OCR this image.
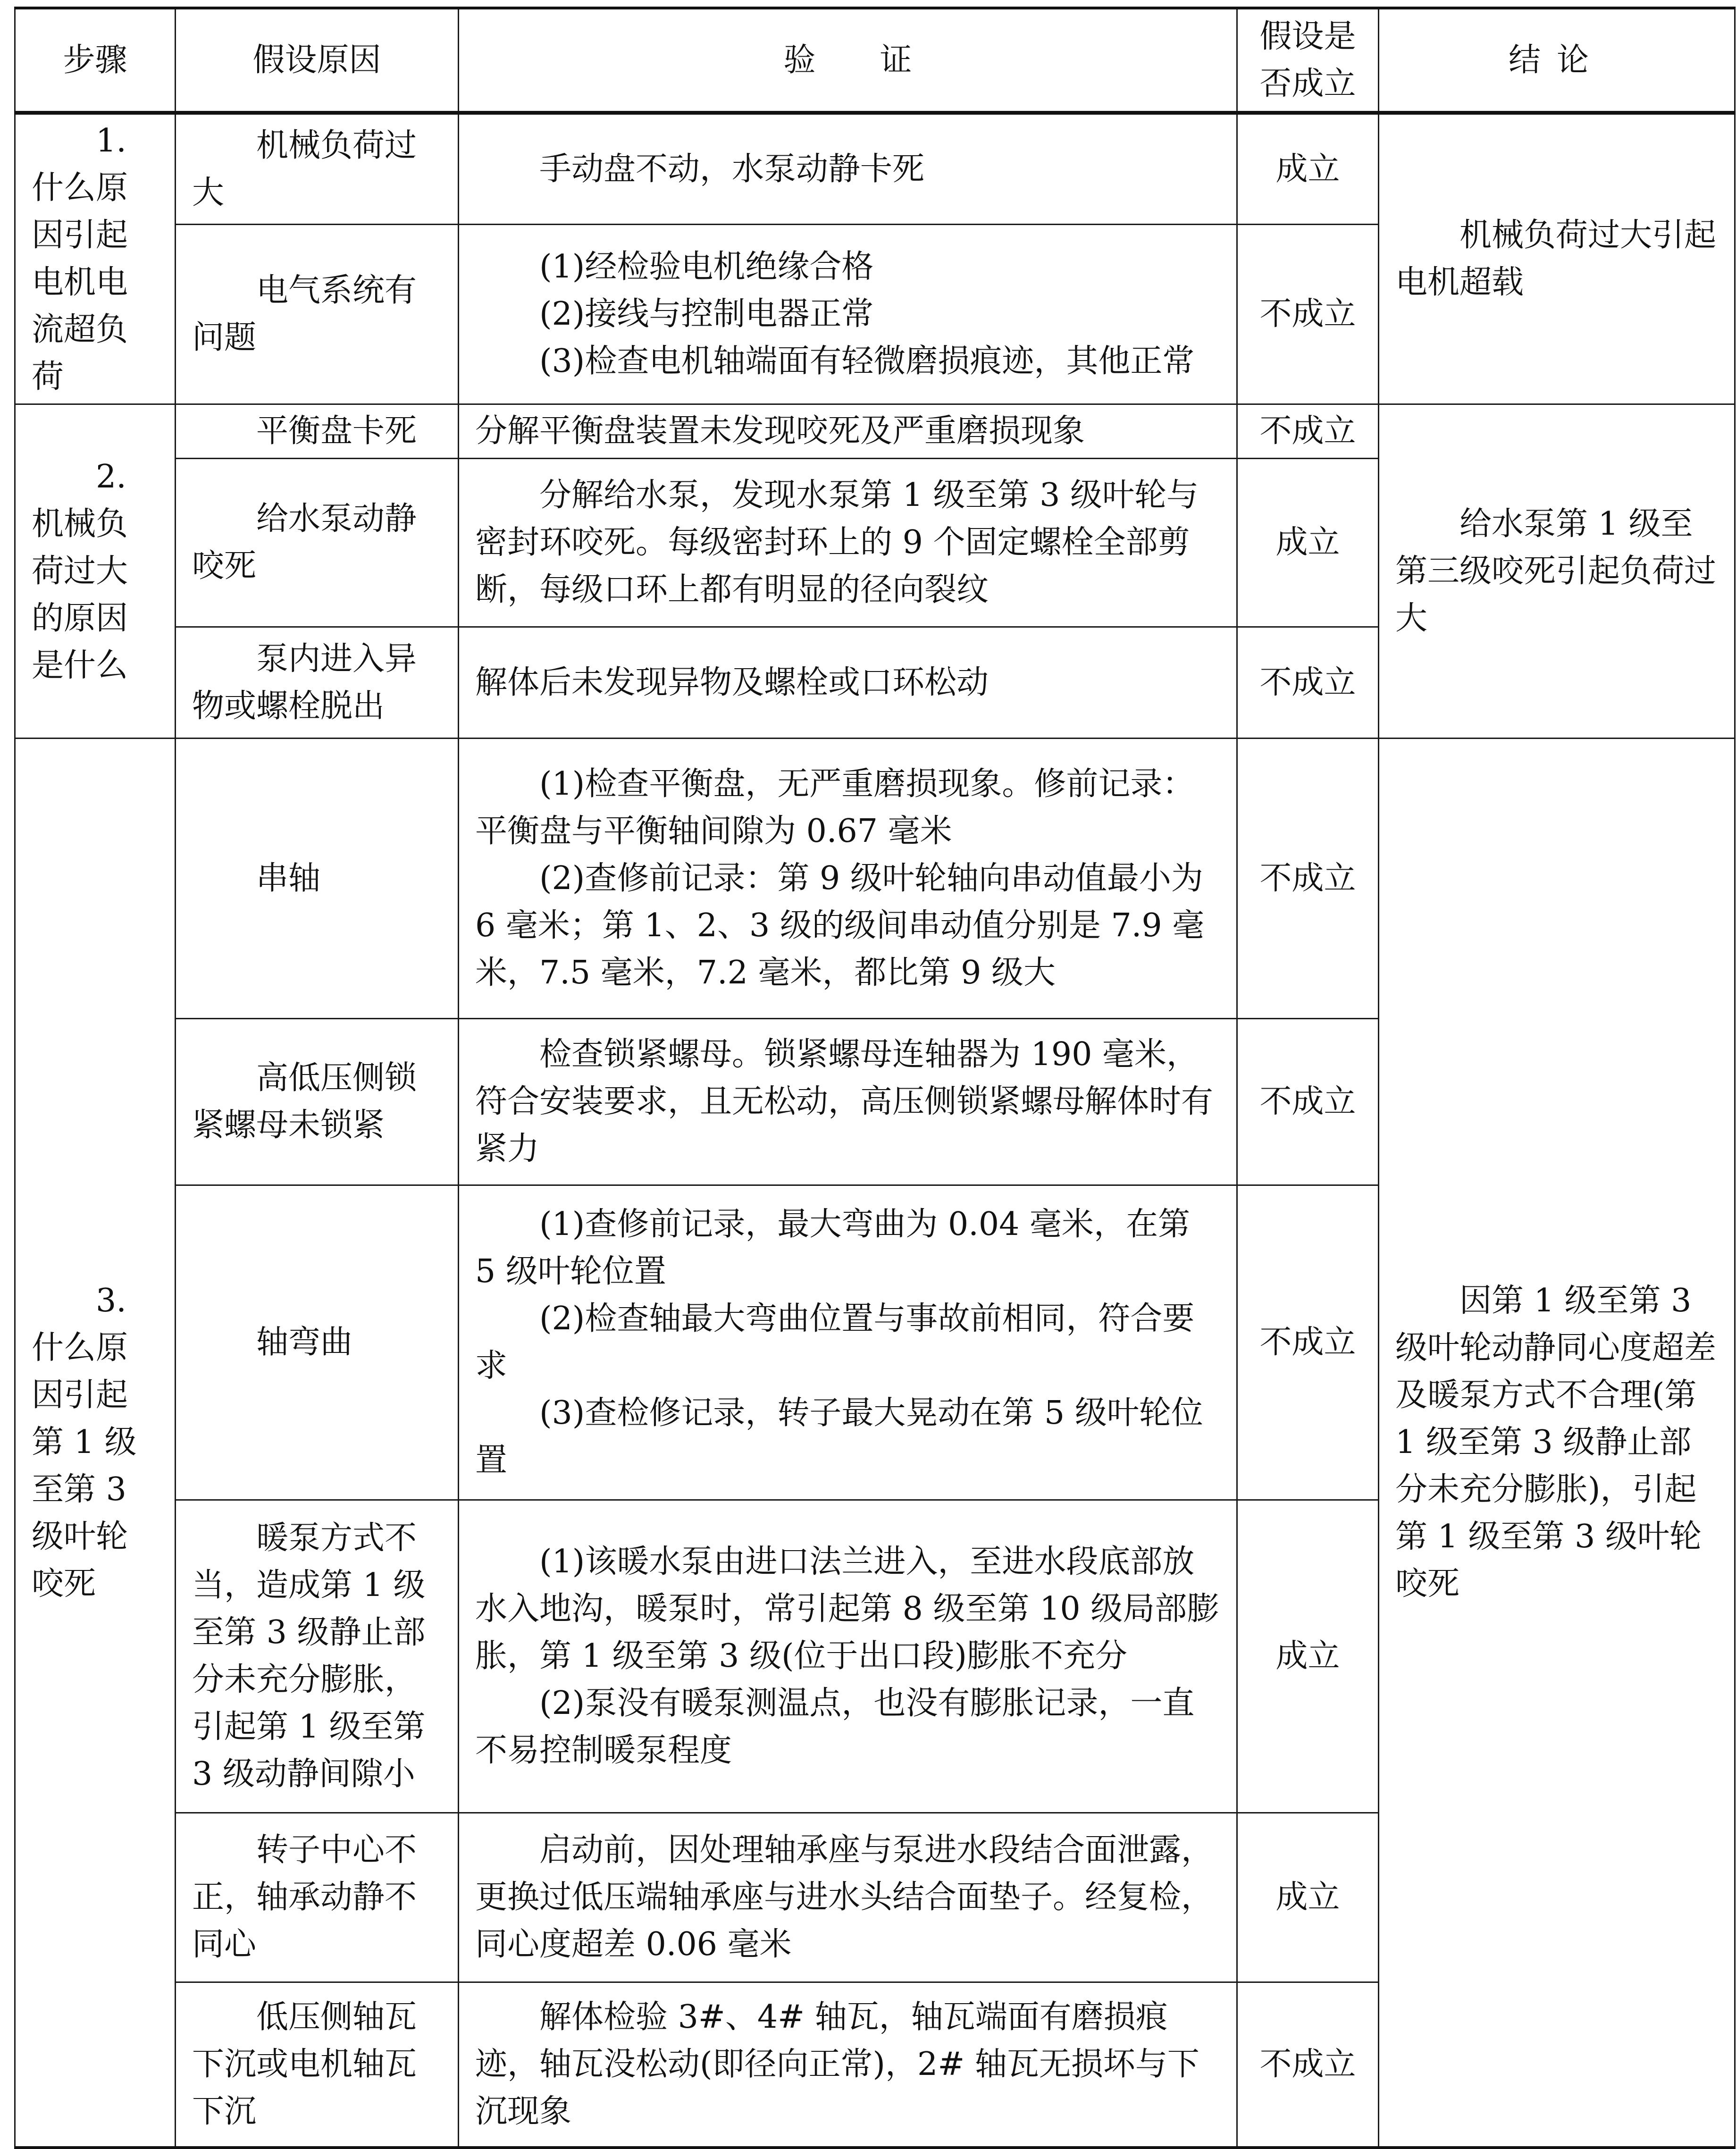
步骤	假设原因	验　　证	假设是否成立	结论
1. 什么原因引起电机电流超负荷	机械负荷过大	手动盘不动，水泵动静卡死	成立	机械负荷过大引起电机超载
	电气系统有问题	(1)经检验电机绝缘合格
(2)接线与控制电器正常
(3)检查电机轴端面有轻微磨损痕迹，其他正常	不成立	
2. 机械负荷过大的原因是什么	平衡盘卡死	分解平衡盘装置未发现咬死及严重磨损现象	不成立	给水泵第 1 级至第三级咬死引起负荷过大
	给水泵动静咬死	分解给水泵，发现水泵第 1 级至第 3 级叶轮与密封环咬死。每级密封环上的 9 个固定螺栓全部剪断，每级口环上都有明显的径向裂纹	成立	
	泵内进入异物或螺栓脱出	解体后未发现异物及螺栓或口环松动	不成立	
3. 什么原因引起第 1 级至第 3 级叶轮咬死	串轴	(1)检查平衡盘，无严重磨损现象。修前记录：平衡盘与平衡轴间隙为 0.67 毫米
(2)查修前记录：第 9 级叶轮轴向串动值最小为 6 毫米；第 1、2、3 级的级间串动值分别是 7.9 毫米，7.5 毫米，7.2 毫米，都比第 9 级大	不成立	因第 1 级至第 3 级叶轮动静同心度超差及暖泵方式不合理(第 1 级至第 3 级静止部分未充分膨胀)，引起第 1 级至第 3 级叶轮咬死
	高低压侧锁紧螺母未锁紧	检查锁紧螺母。锁紧螺母连轴器为 190 毫米，符合安装要求，且无松动，高压侧锁紧螺母解体时有紧力	不成立	
	轴弯曲	(1)查修前记录，最大弯曲为 0.04 毫米，在第 5 级叶轮位置
(2)检查轴最大弯曲位置与事故前相同，符合要求
(3)查检修记录，转子最大晃动在第 5 级叶轮位置	不成立	
	暖泵方式不当，造成第 1 级至第 3 级静止部分未充分膨胀，引起第 1 级至第 3 级动静间隙小	(1)该暖水泵由进口法兰进入，至进水段底部放水入地沟，暖泵时，常引起第 8 级至第 10 级局部膨胀，第 1 级至第 3 级(位于出口段)膨胀不充分
(2)泵没有暖泵测温点，也没有膨胀记录，一直不易控制暖泵程度	成立	
	转子中心不正，轴承动静不同心	启动前，因处理轴承座与泵进水段结合面泄露，更换过低压端轴承座与进水头结合面垫子。经复检，同心度超差 0.06 毫米	成立	
	低压侧轴瓦下沉或电机轴瓦下沉	解体检验 3#、4# 轴瓦，轴瓦端面有磨损痕迹，轴瓦没松动(即径向正常)，2# 轴瓦无损坏与下沉现象	不成立	
